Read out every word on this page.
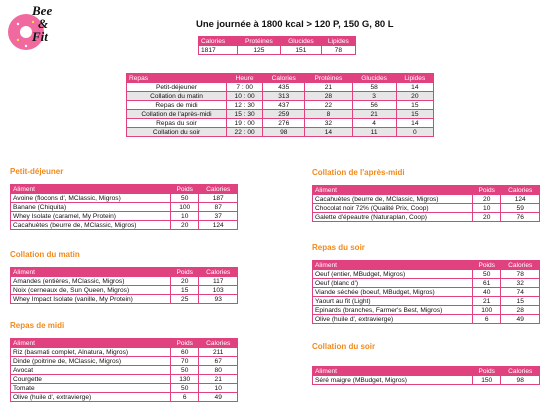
Bee
&
Fit
Une journée à 1800 kcal > 120 P, 150 G, 80 L
Calories	Protéines	Glucides	Lipides
1817	125	151	78
Repas	Heure	Calories	Protéines	Glucides	Lipides
Petit-déjeuner	7 : 00	435	21	58	14
Collation du matin	10 : 00	313	28	3	20
Repas de midi	12 : 30	437	22	56	15
Collation de l'après-midi	15 : 30	259	8	21	15
Repas du soir	19 : 00	276	32	4	14
Collation du soir	22 : 00	98	14	11	0
Petit-déjeuner
Aliment	Poids	Calories
Avoine (flocons d', MClassic, Migros)	50	187
Banane (Chiquita)	100	87
Whey Isolate (caramel, My Protein)	10	37
Cacahuètes (beurre de, MClassic, Migros)	20	124
Collation du matin
Aliment	Poids	Calories
Amandes (entières, MClassic, Migros)	20	117
Noix (cerneaux de, Sun Queen, Migros)	15	103
Whey Impact Isolate (vanille, My Protein)	25	93
Repas de midi
Aliment	Poids	Calories
Riz (basmati complet, Alnatura, Migros)	60	211
Dinde (poitrine de, MClassic, Migros)	70	67
Avocat	50	80
Courgette	130	21
Tomate	50	10
Olive (huile d', extravierge)	6	49
Collation de l'après-midi
Aliment	Poids	Calories
Cacahuètes (beurre de, MClassic, Migros)	20	124
Chocolat noir 72% (Qualité Prix, Coop)	10	59
Galette d'épeautre (Naturaplan, Coop)	20	76
Repas du soir
Aliment	Poids	Calories
Oeuf (entier, MBudget, Migros)	50	78
Oeuf (blanc d')	61	32
Viande séchée (boeuf, MBudget, Migros)	40	74
Yaourt au fit (Light)	21	15
Epinards (branches, Farmer's Best, Migros)	100	28
Olive (huile d', extravierge)	6	49
Collation du soir
Aliment	Poids	Calories
Séré maigre (MBudget, Migros)	150	98
